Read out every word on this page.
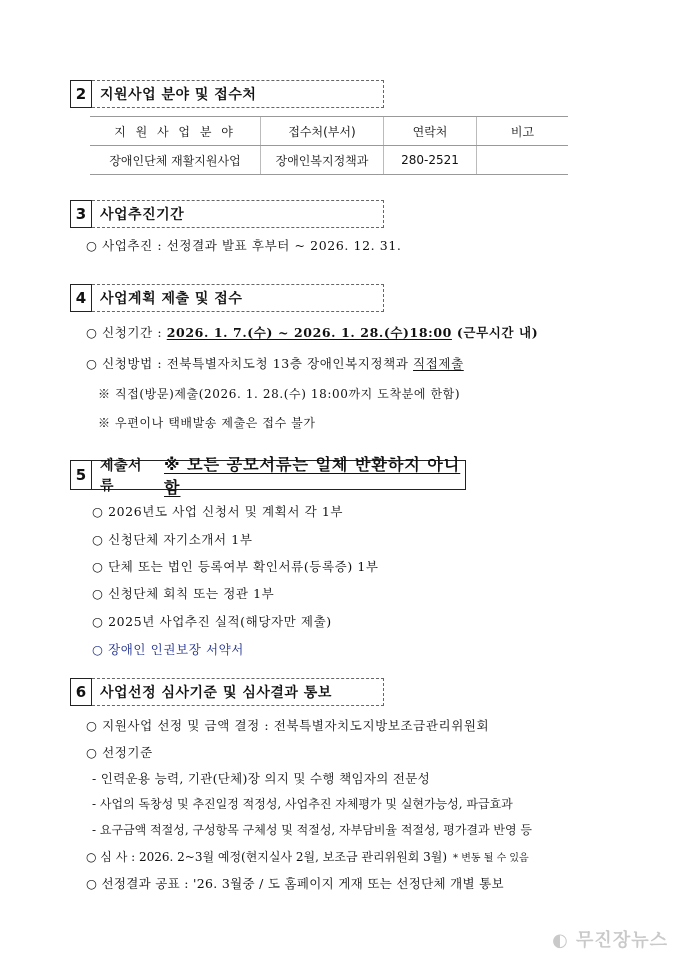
2 지원사업 분야 및 접수처
지 원 사 업 분 야	접수처(부서)	연락처	비고
장애인단체 재활지원사업	장애인복지정책과	280-2521	
3 사업추진기간
○ 사업추진 : 선정결과 발표 후부터 ~ 2026. 12. 31.
4 사업계획 제출 및 접수
○ 신청기간 : 2026. 1. 7.(수) ~ 2026. 1. 28.(수)18:00 (근무시간 내)
○ 신청방법 : 전북특별자치도청 13층 장애인복지정책과 직접제출
※ 직접(방문)제출(2026. 1. 28.(수) 18:00까지 도착분에 한함)
※ 우편이나 택배발송 제출은 접수 불가
5 제출서류
※ 모든 공모서류는 일체 반환하지 아니함
○ 2026년도 사업 신청서 및 계획서 각 1부
○ 신청단체 자기소개서 1부
○ 단체 또는 법인 등록여부 확인서류(등록증) 1부
○ 신청단체 회칙 또는 정관 1부
○ 2025년 사업추진 실적(해당자만 제출)
○ 장애인 인권보장 서약서
6 사업선정 심사기준 및 심사결과 통보
○ 지원사업 선정 및 금액 결정 : 전북특별자치도지방보조금관리위원회
○ 선정기준
- 인력운용 능력, 기관(단체)장 의지 및 수행 책임자의 전문성
- 사업의 독창성 및 추진일정 적정성, 사업추진 자체평가 및 실현가능성, 파급효과
- 요구금액 적절성, 구성항목 구체성 및 적절성, 자부담비율 적절성, 평가결과 반영 등
○ 심 사 : 2026. 2~3월 예정(현지실사 2월, 보조금 관리위원회 3월) * 변동 될 수 있음
○ 선정결과 공표 : '26. 3월중 / 도 홈페이지 게재 또는 선정단체 개별 통보
◐ 무진장뉴스
